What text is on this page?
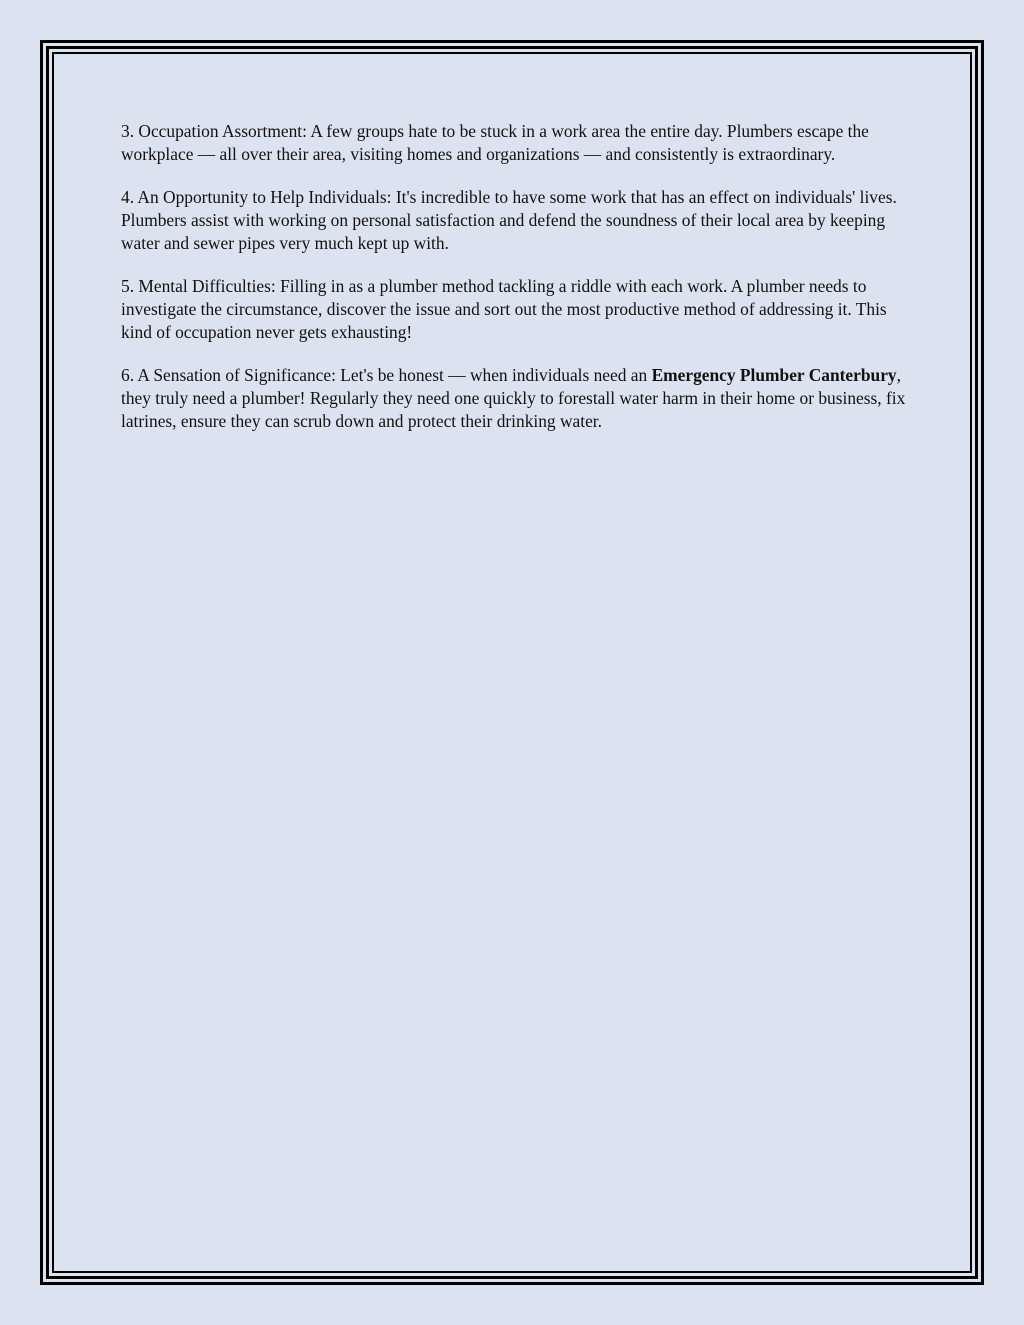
3. Occupation Assortment: A few groups hate to be stuck in a work area the entire day. Plumbers escape the workplace — all over their area, visiting homes and organizations — and consistently is extraordinary.

4. An Opportunity to Help Individuals: It's incredible to have some work that has an effect on individuals' lives. Plumbers assist with working on personal satisfaction and defend the soundness of their local area by keeping water and sewer pipes very much kept up with.

5. Mental Difficulties: Filling in as a plumber method tackling a riddle with each work. A plumber needs to investigate the circumstance, discover the issue and sort out the most productive method of addressing it. This kind of occupation never gets exhausting!

6. A Sensation of Significance: Let's be honest — when individuals need an Emergency Plumber Canterbury, they truly need a plumber! Regularly they need one quickly to forestall water harm in their home or business, fix latrines, ensure they can scrub down and protect their drinking water.
